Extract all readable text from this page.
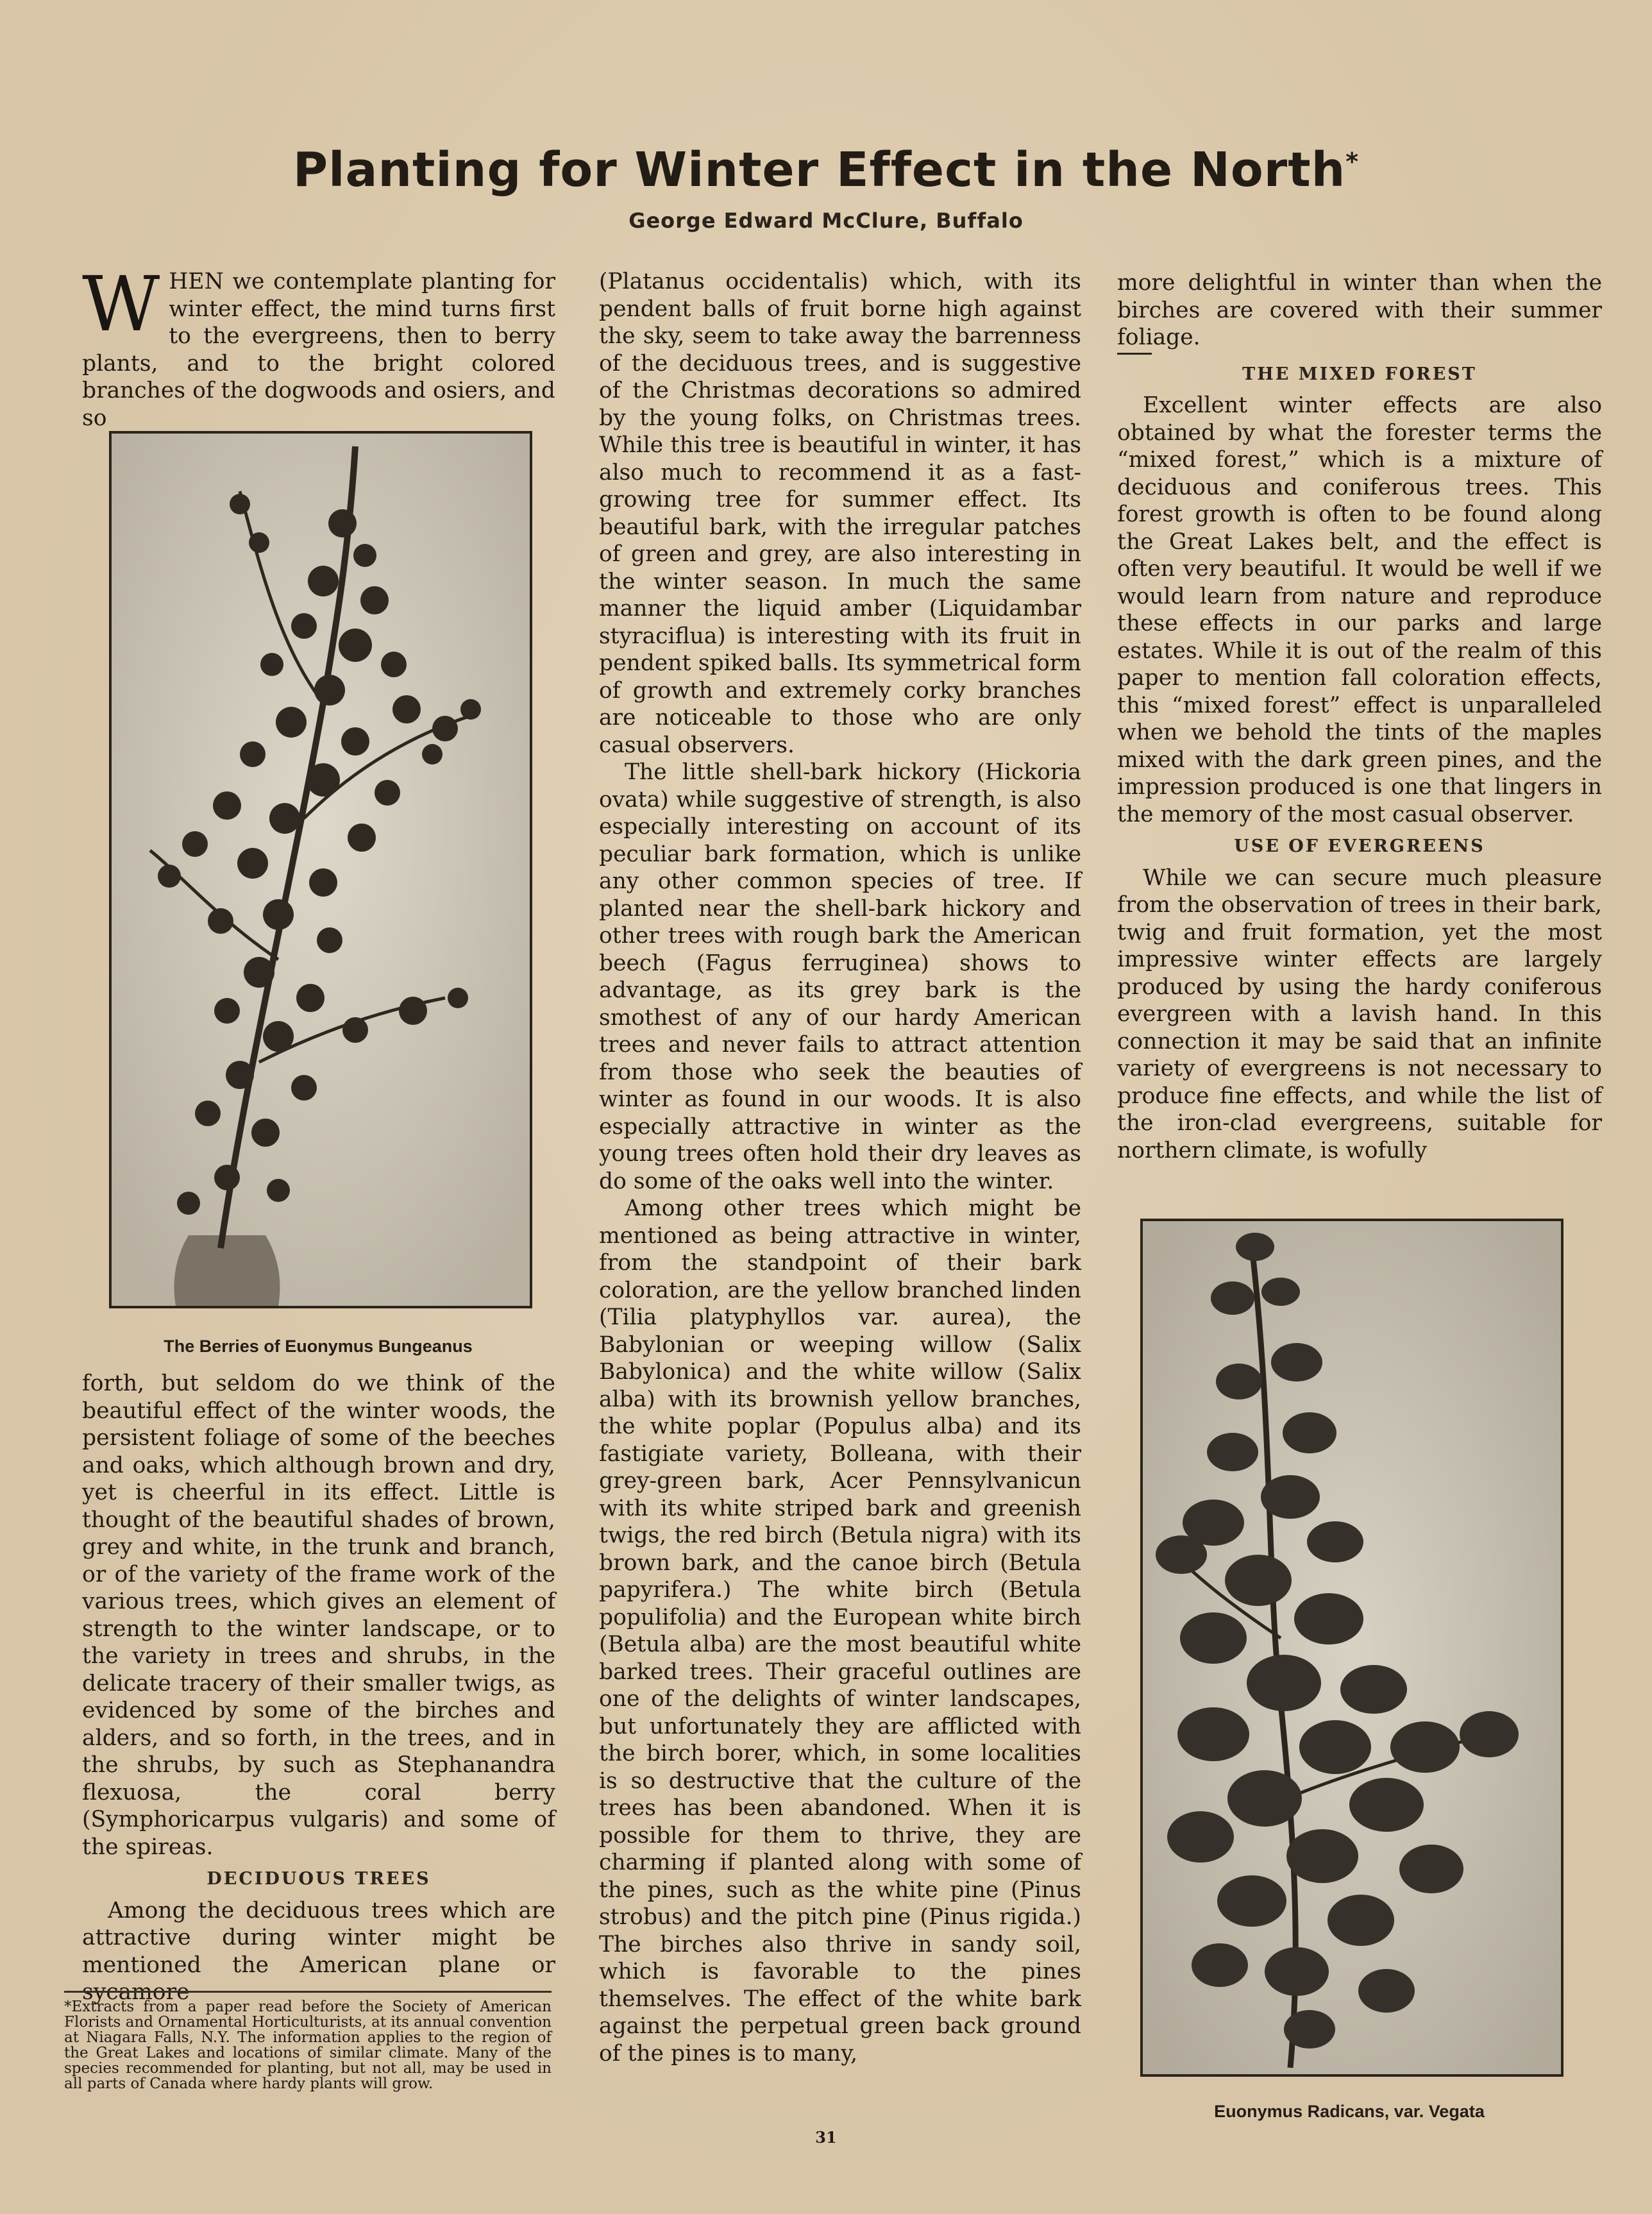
Planting for Winter Effect in the North*
George Edward McClure, Buffalo

WHEN we contemplate planting for winter effect, the mind turns first to the evergreens, then to berry plants, and to the bright colored branches of the dogwoods and osiers, and so

The Berries of Euonymus Bungeanus

forth, but seldom do we think of the beautiful effect of the winter woods, the persistent foliage of some of the beeches and oaks, which although brown and dry, yet is cheerful in its effect. Little is thought of the beautiful shades of brown, grey and white, in the trunk and branch, or of the variety of the frame work of the various trees, which gives an element of strength to the winter landscape, or to the variety in trees and shrubs, in the delicate tracery of their smaller twigs, as evidenced by some of the birches and alders, and so forth, in the trees, and in the shrubs, by such as Stephanandra flexuosa, the coral berry (Symphoricarpus vulgaris) and some of the spireas.

DECIDUOUS TREES

Among the deciduous trees which are attractive during winter might be mentioned the American plane or sycamore

*Extracts from a paper read before the Society of American Florists and Ornamental Horticulturists, at its annual convention at Niagara Falls, N.Y. The information applies to the region of the Great Lakes and locations of similar climate. Many of the species recommended for planting, but not all, may be used in all parts of Canada where hardy plants will grow.

(Platanus occidentalis) which, with its pendent balls of fruit borne high against the sky, seem to take away the barrenness of the deciduous trees, and is suggestive of the Christmas decorations so admired by the young folks, on Christmas trees. While this tree is beautiful in winter, it has also much to recommend it as a fast-growing tree for summer effect. Its beautiful bark, with the irregular patches of green and grey, are also interesting in the winter season. In much the same manner the liquid amber (Liquidambar styraciflua) is interesting with its fruit in pendent spiked balls. Its symmetrical form of growth and extremely corky branches are noticeable to those who are only casual observers.

The little shell-bark hickory (Hickoria ovata) while suggestive of strength, is also especially interesting on account of its peculiar bark formation, which is unlike any other common species of tree. If planted near the shell-bark hickory and other trees with rough bark the American beech (Fagus ferruginea) shows to advantage, as its grey bark is the smothest of any of our hardy American trees and never fails to attract attention from those who seek the beauties of winter as found in our woods. It is also especially attractive in winter as the young trees often hold their dry leaves as do some of the oaks well into the winter.

Among other trees which might be mentioned as being attractive in winter, from the standpoint of their bark coloration, are the yellow branched linden (Tilia platyphyllos var. aurea), the Babylonian or weeping willow (Salix Babylonica) and the white willow (Salix alba) with its brownish yellow branches, the white poplar (Populus alba) and its fastigiate variety, Bolleana, with their grey-green bark, Acer Pennsylvanicun with its white striped bark and greenish twigs, the red birch (Betula nigra) with its brown bark, and the canoe birch (Betula papyrifera.) The white birch (Betula populifolia) and the European white birch (Betula alba) are the most beautiful white barked trees. Their graceful outlines are one of the delights of winter landscapes, but unfortunately they are afflicted with the birch borer, which, in some localities is so destructive that the culture of the trees has been abandoned. When it is possible for them to thrive, they are charming if planted along with some of the pines, such as the white pine (Pinus strobus) and the pitch pine (Pinus rigida.) The birches also thrive in sandy soil, which is favorable to the pines themselves. The effect of the white bark against the perpetual green back ground of the pines is to many,

more delightful in winter than when the birches are covered with their summer foliage.

THE MIXED FOREST

Excellent winter effects are also obtained by what the forester terms the “mixed forest,” which is a mixture of deciduous and coniferous trees. This forest growth is often to be found along the Great Lakes belt, and the effect is often very beautiful. It would be well if we would learn from nature and reproduce these effects in our parks and large estates. While it is out of the realm of this paper to mention fall coloration effects, this “mixed forest” effect is unparalleled when we behold the tints of the maples mixed with the dark green pines, and the impression produced is one that lingers in the memory of the most casual observer.

USE OF EVERGREENS

While we can secure much pleasure from the observation of trees in their bark, twig and fruit formation, yet the most impressive winter effects are largely produced by using the hardy coniferous evergreen with a lavish hand. In this connection it may be said that an infinite variety of evergreens is not necessary to produce fine effects, and while the list of the iron-clad evergreens, suitable for northern climate, is wofully

Euonymus Radicans, var. Vegata
31
